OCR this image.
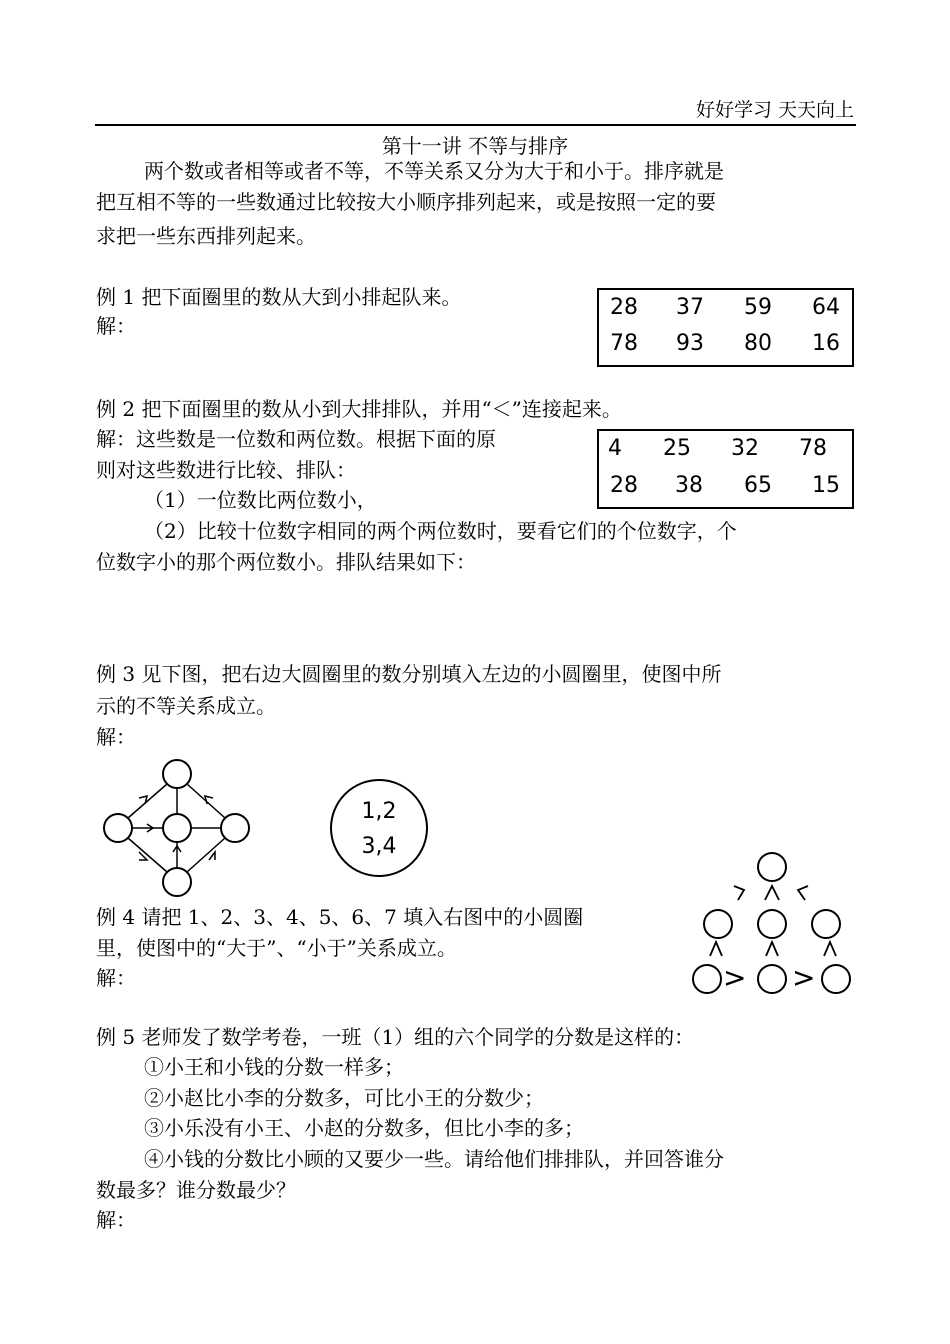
好好学习 天天向上
第十一讲 不等与排序
两个数或者相等或者不等，不等关系又分为大于和小于。排序就是
把互相不等的一些数通过比较按大小顺序排列起来，或是按照一定的要
求把一些东西排列起来。
例 1 把下面圈里的数从大到小排起队来。
解：
28	37	59	64
78	93	80	16
例 2 把下面圈里的数从小到大排排队，并用“＜”连接起来。
解：这些数是一位数和两位数。根据下面的原
则对这些数进行比较、排队：
（1）一位数比两位数小，
（2）比较十位数字相同的两个两位数时，要看它们的个位数字，个
位数字小的那个两位数小。排队结果如下：
4	25	32	78
28	38	65	15
例 3 见下图，把右边大圆圈里的数分别填入左边的小圆圈里，使图中所
示的不等关系成立。
解：
1,2
3,4
例 4 请把 1、2、3、4、5、6、7 填入右图中的小圆圈
里，使图中的“大于”、“小于”关系成立。
解：	> >
例 5 老师发了数学考卷，一班（1）组的六个同学的分数是这样的：
①小王和小钱的分数一样多；
②小赵比小李的分数多，可比小王的分数少；
③小乐没有小王、小赵的分数多，但比小李的多；
④小钱的分数比小顾的又要少一些。请给他们排排队，并回答谁分
数最多？谁分数最少？
解：
